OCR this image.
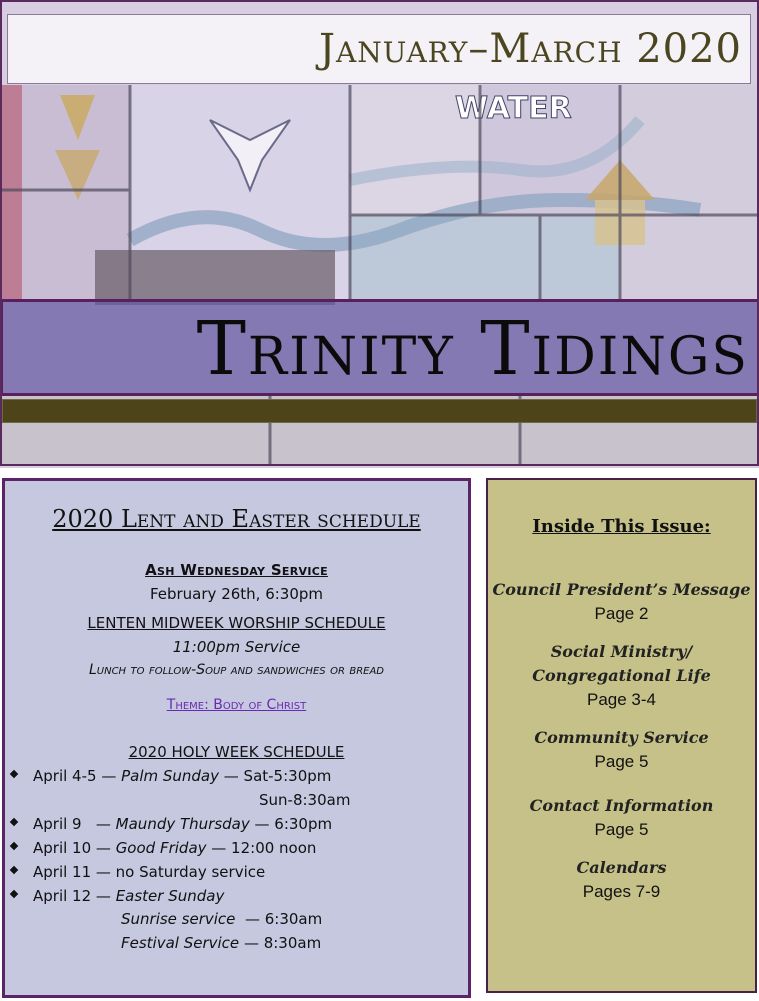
WATER
January–March 2020
Trinity Tidings
2020 Lent and Easter schedule
Ash Wednesday Service
February 26th, 6:30pm
LENTEN MIDWEEK WORSHIP SCHEDULE
11:00pm Service
Lunch to follow-Soup and sandwiches or bread
Theme: Body of Christ
2020 HOLY WEEK SCHEDULE
April 4-5 — Palm Sunday — Sat-5:30pm
Sun-8:30am
April 9   — Maundy Thursday — 6:30pm
April 10 — Good Friday — 12:00 noon
April 11 — no Saturday service
April 12 — Easter Sunday
Sunrise service  — 6:30am
Festival Service — 8:30am
Inside This Issue:
Council President’s Message
Page 2
Social Ministry/
Congregational Life
Page 3-4
Community Service
Page 5
Contact Information
Page 5
Calendars
Pages 7-9
